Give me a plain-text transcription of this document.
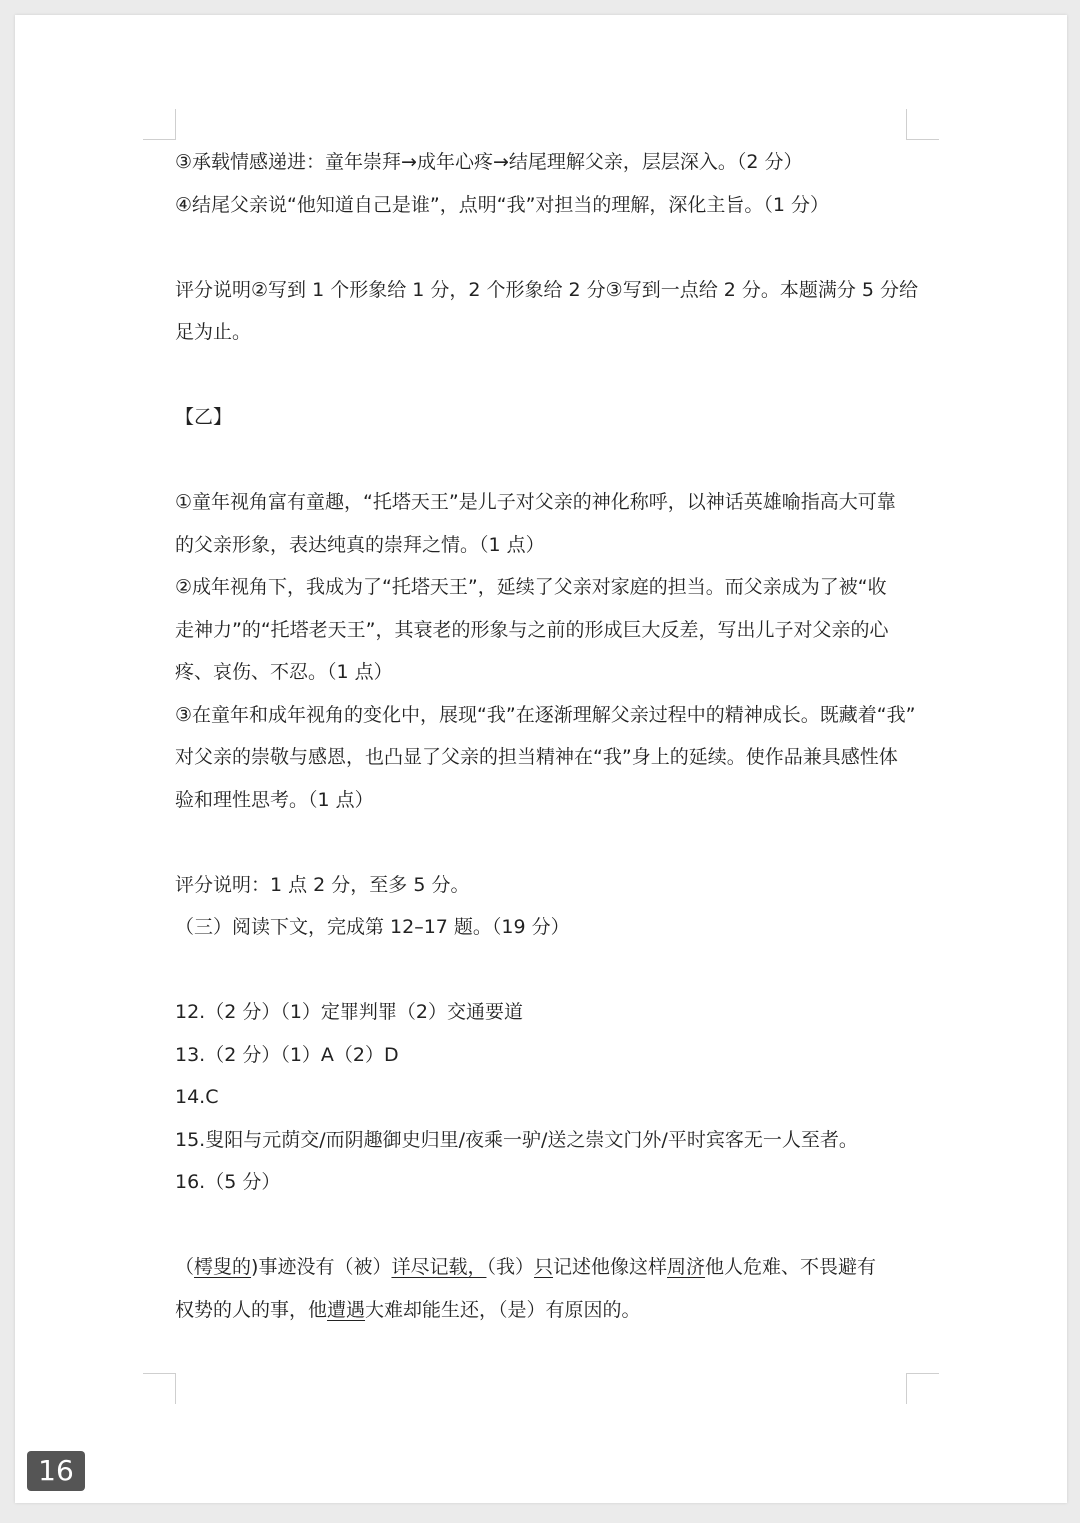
③承载情感递进：童年崇拜→成年心疼→结尾理解父亲，层层深入。（2 分）
④结尾父亲说“他知道自己是谁”，点明“我”对担当的理解，深化主旨。（1 分）
评分说明②写到 1 个形象给 1 分，2 个形象给 2 分③写到一点给 2 分。本题满分 5 分给
足为止。
【乙】
①童年视角富有童趣，“托塔天王”是儿子对父亲的神化称呼，以神话英雄喻指高大可靠
的父亲形象，表达纯真的崇拜之情。（1 点）
②成年视角下，我成为了“托塔天王”，延续了父亲对家庭的担当。而父亲成为了被“收
走神力”的“托塔老天王”，其衰老的形象与之前的形成巨大反差，写出儿子对父亲的心
疼、哀伤、不忍。（1 点）
③在童年和成年视角的变化中，展现“我”在逐渐理解父亲过程中的精神成长。既藏着“我”
对父亲的崇敬与感恩，也凸显了父亲的担当精神在“我”身上的延续。使作品兼具感性体
验和理性思考。（1 点）
评分说明：1 点 2 分，至多 5 分。
（三）阅读下文，完成第 12–17 题。（19 分）
12.（2 分）（1）定罪判罪（2）交通要道
13.（2 分）（1）A（2）D
14.C
15.叟阳与元荫交/而阴趣御史归里/夜乘一驴/送之崇文门外/平时宾客无一人至者。
16.（5 分）
（樗叟的)事迹没有（被）详尽记载，（我）只记述他像这样周济他人危难、不畏避有
权势的人的事，他遭遇大难却能生还，（是）有原因的。
16
